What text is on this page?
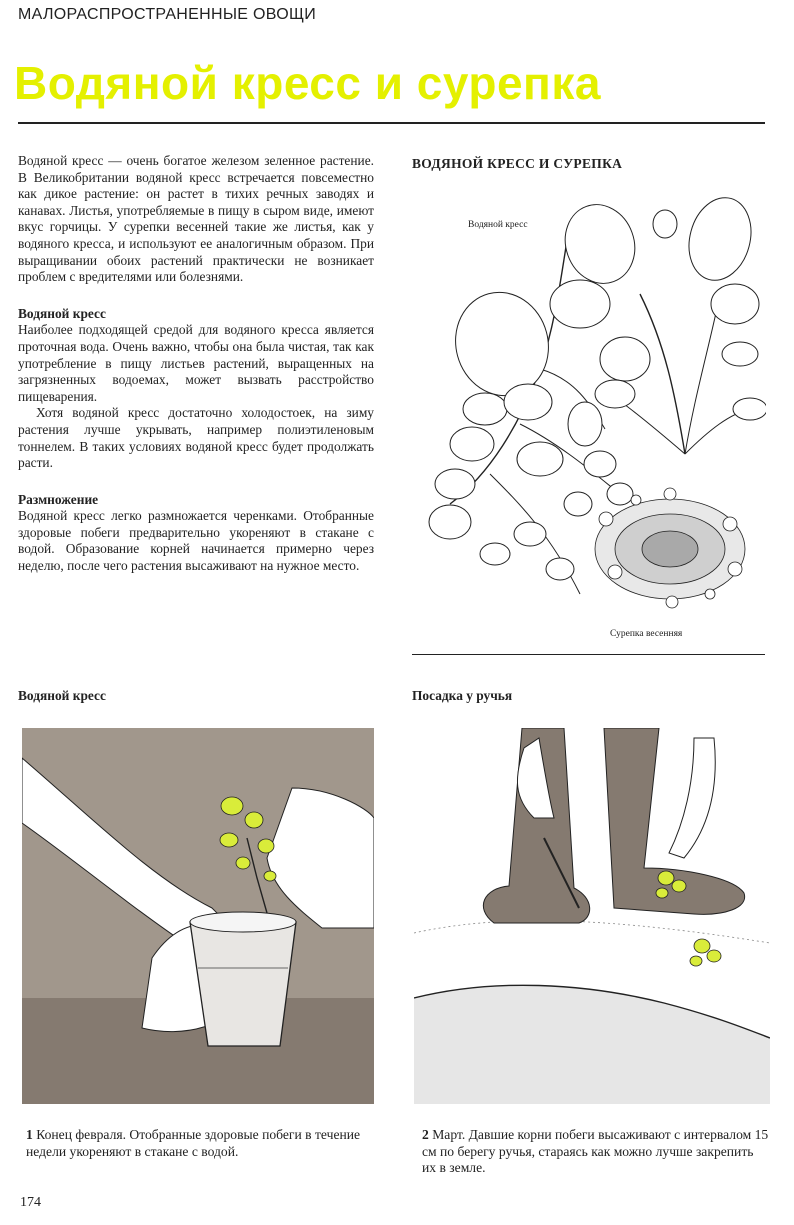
МАЛОРАСПРОСТРАНЕННЫЕ ОВОЩИ
Водяной кресс и сурепка

Водяной кресс — очень богатое железом зеленное растение. В Великобритании водяной кресс встречается повсеместно как дикое растение: он растет в тихих речных заводях и канавах. Листья, употребляемые в пищу в сыром виде, имеют вкус горчицы. У сурепки весенней такие же листья, как у водяного кресса, и используют ее аналогичным образом. При выращивании обоих растений практически не возникает проблем с вредителями или болезнями.

Водяной кресс

Наиболее подходящей средой для водяного кресса является проточная вода. Очень важно, чтобы она была чистая, так как употребление в пищу листьев растений, выращенных на загрязненных водоемах, может вызвать расстройство пищеварения.

Хотя водяной кресс достаточно холодостоек, на зиму растения лучше укрывать, например полиэтиленовым тоннелем. В таких условиях водяной кресс будет продолжать расти.

Размножение

Водяной кресс легко размножается черенками. Отобранные здоровые побеги предварительно укореняют в стакане с водой. Образование корней начинается примерно через неделю, после чего растения высаживают на нужное место.

ВОДЯНОЙ КРЕСС И СУРЕПКА
Водяной кресс
Сурепка весенняя
Водяной кресс

1 Конец февраля. Отобранные здоровые побеги в течение недели укореняют в стакане с водой.

Посадка у ручья

2 Март. Давшие корни побеги высаживают с интервалом 15 см по берегу ручья, стараясь как можно лучше закрепить их в земле.

174
